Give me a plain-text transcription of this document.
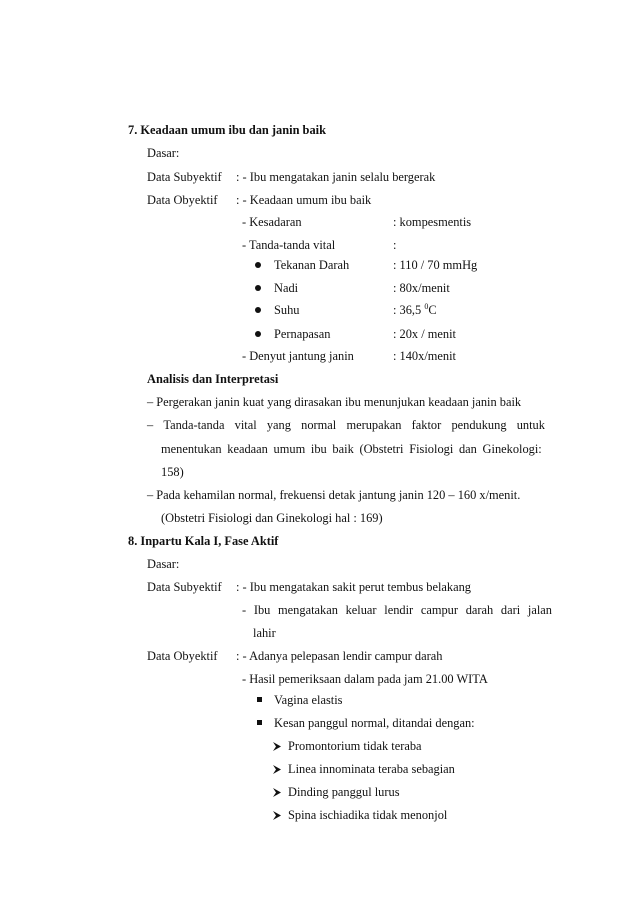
7. Keadaan umum ibu dan janin baik
Dasar:
Data Subyektif : - Ibu mengatakan janin selalu bergerak
Data Obyektif : - Keadaan umum ibu baik
- Kesadaran	: kompesmentis
- Tanda-tanda vital	:
Tekanan Darah	: 110 / 70 mmHg
Nadi	: 80x/menit
Suhu	: 36,5 $^0$C
Pernapasan	: 20x / menit
- Denyut jantung janin	: 140x/menit
Analisis dan Interpretasi
– Pergerakan janin kuat yang dirasakan ibu menunjukan keadaan janin baik
– Tanda-tanda vital yang normal merupakan faktor pendukung untuk
menentukan keadaan umum ibu baik (Obstetri Fisiologi dan Ginekologi:
158)
– Pada kehamilan normal, frekuensi detak jantung janin 120 – 160 x/menit.
(Obstetri Fisiologi dan Ginekologi hal : 169)
8. Inpartu Kala I, Fase Aktif
Dasar:
Data Subyektif : - Ibu mengatakan sakit perut tembus belakang
- Ibu mengatakan keluar lendir campur darah dari jalan
lahir
Data Obyektif : - Adanya pelepasan lendir campur darah
- Hasil pemeriksaan dalam pada jam 21.00 WITA
Vagina elastis
Kesan panggul normal, ditandai dengan:
Promontorium tidak teraba
Linea innominata teraba sebagian
Dinding panggul lurus
Spina ischiadika tidak menonjol
